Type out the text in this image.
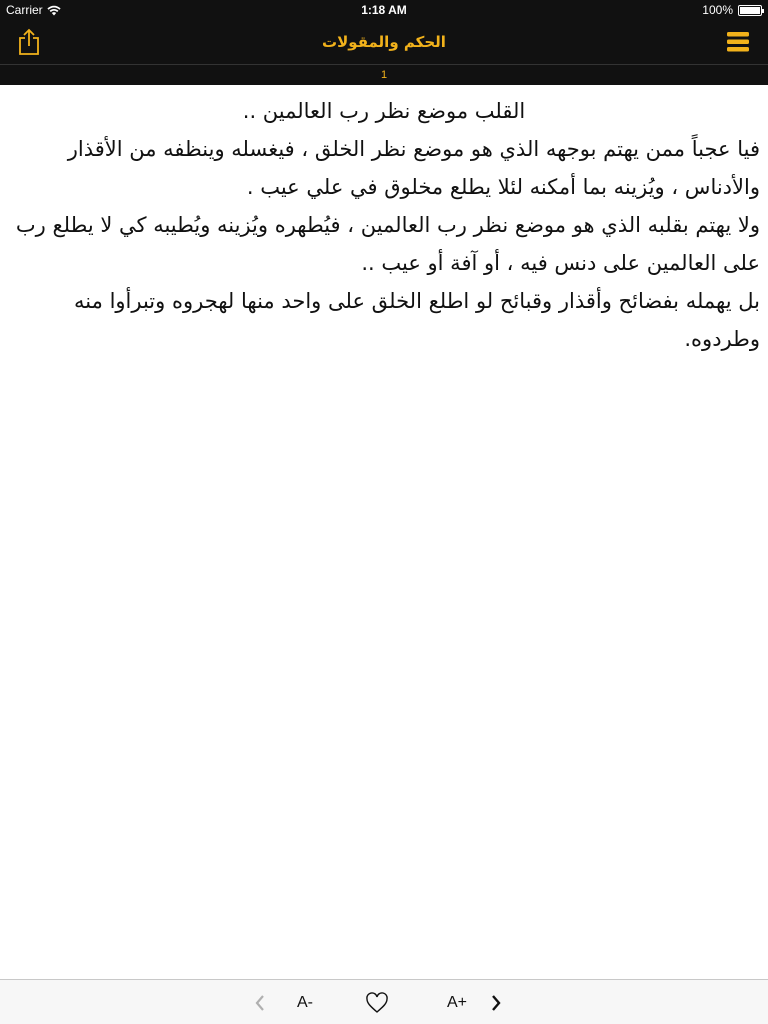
Carrier	1:18 AM	100%
الحكم والمقولات
1
القلب موضع نظر رب العالمين ..
فيا عجباً ممن يهتم بوجهه الذي هو موضع نظر الخلق ، فيغسله وينظفه من الأقذار والأدناس ، ويُزينه بما أمكنه لئلا يطلع مخلوق في علي عيب .
ولا يهتم بقلبه الذي هو موضع نظر رب العالمين ، فيُطهره ويُزينه ويُطيبه كي لا يطلع رب على العالمين على دنس فيه ، أو آفة أو عيب ..
بل يهمله بفضائح وأقذار وقبائح لو اطلع الخلق على واحد منها لهجروه وتبرأوا منه وطردوه.
A-	A+
